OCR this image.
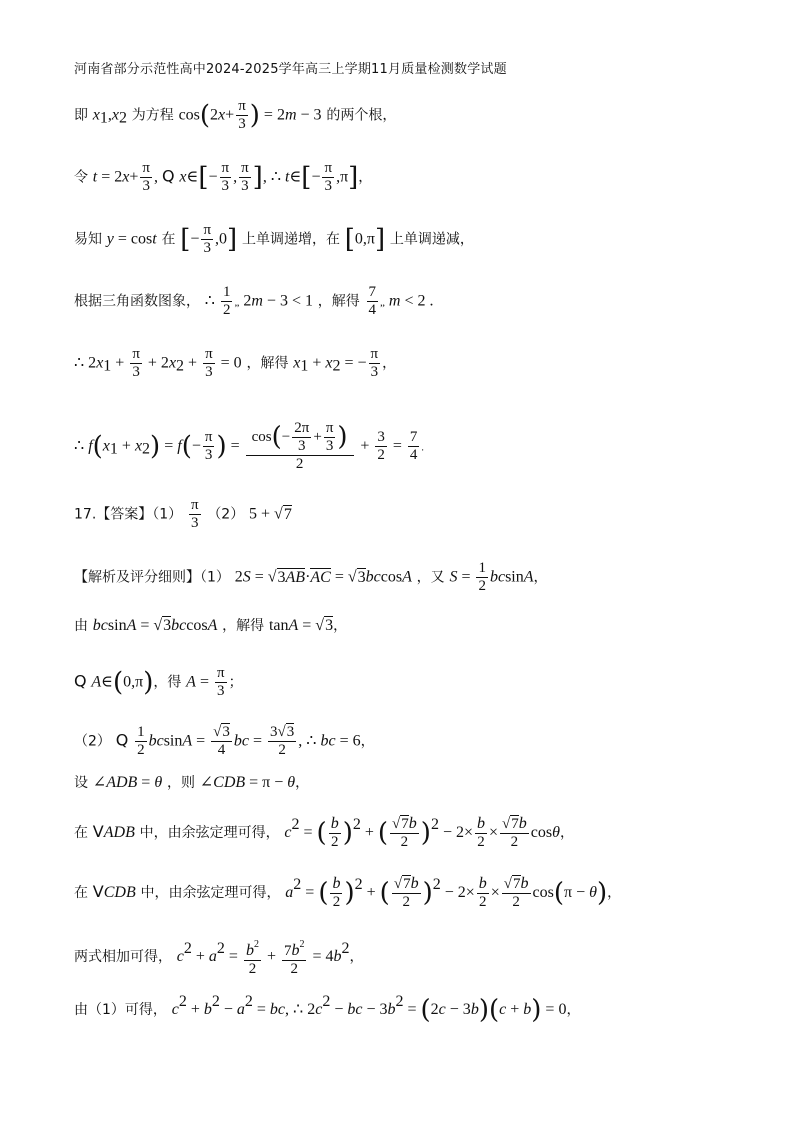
河南省部分示范性高中2024-2025学年高三上学期11月质量检测数学试题
即 $x_1,x_2$ 为方程 $\cos(2x+ \frac{\pi}{3}$ ) = 2m − 3 的两个根，
令 $t = 2x+ \frac{\pi}{3}$ , Q x∈[− $\frac{\pi}{3}$ , $\frac{\pi}{3}$ ], ∴ t∈[− $\frac{\pi}{3} ,\pi$]，
易知 y = cost 在 [− $\frac{\pi}{3} ,0$] 上单调递增，在 [0,π] 上单调递减，
根据三角函数图象， ∴ $\frac{1}{2}$ „ 2m − 3 < 1 ，解得 $\frac{7}{4}$ „ m < 2 .
∴ $2x_1 + \frac{\pi}{3} + 2x_2 + \frac{\pi}{3} = 0$ ，解得 $x_1 + x_2$ = − $\frac{\pi}{3}$ ，
∴ $f(x_1 + x_2) = f(- \frac{\pi}{3}$ ) = $\frac{\cos(- \frac{2\pi}{3} + \frac{\pi}{3} )}{2} + \frac{3}{2} = \frac{7}{4}$ .
17.【答案】$(1) \frac{\pi}{3} (2) 5 + √7$
【解析及评分细则】（1） 2S = √3AB·AC = √3bccosA ，又 $S = \frac{1}{2}$ bcsinA，
由 bcsinA = √3bccosA ，解得 tanA = √3，
Q A∈(0,π)，得 $A = \frac{\pi}{3}$ ；
（2） Q $\frac{1}{2}$ $bcsinA = \frac{√3}{4}$ bc = $\frac{3√3}{2}$ , ∴ bc = 6，
设 ∠ADB = θ ，则 ∠CDB = π − θ，
在 VADB 中，由余弦定理可得， $c^2$ = ( $\frac{b}{2} )^2$ + ( $\frac{√7b}{2} )^2 - 2\times \frac{b}{2} \times \frac{√7b}{2}$ cosθ，
在 VCDB 中，由余弦定理可得， $a^2$ = ( $\frac{b}{2} )^2$ + ( $\frac{√7b}{2} )^2 - 2\times \frac{b}{2} \times \frac{√7b}{2} \cos(\pi - \theta)$，
两式相加可得， $c^2 + a^2 = \frac{b^2}{2} + \frac{7b^2}{2} = 4b^2$，
由（1）可得， $c^2 + b^2 - a^2$ = bc, ∴ $2c^2$ − bc − $3b^2 = (2c - 3b)(c + b) = 0$，
